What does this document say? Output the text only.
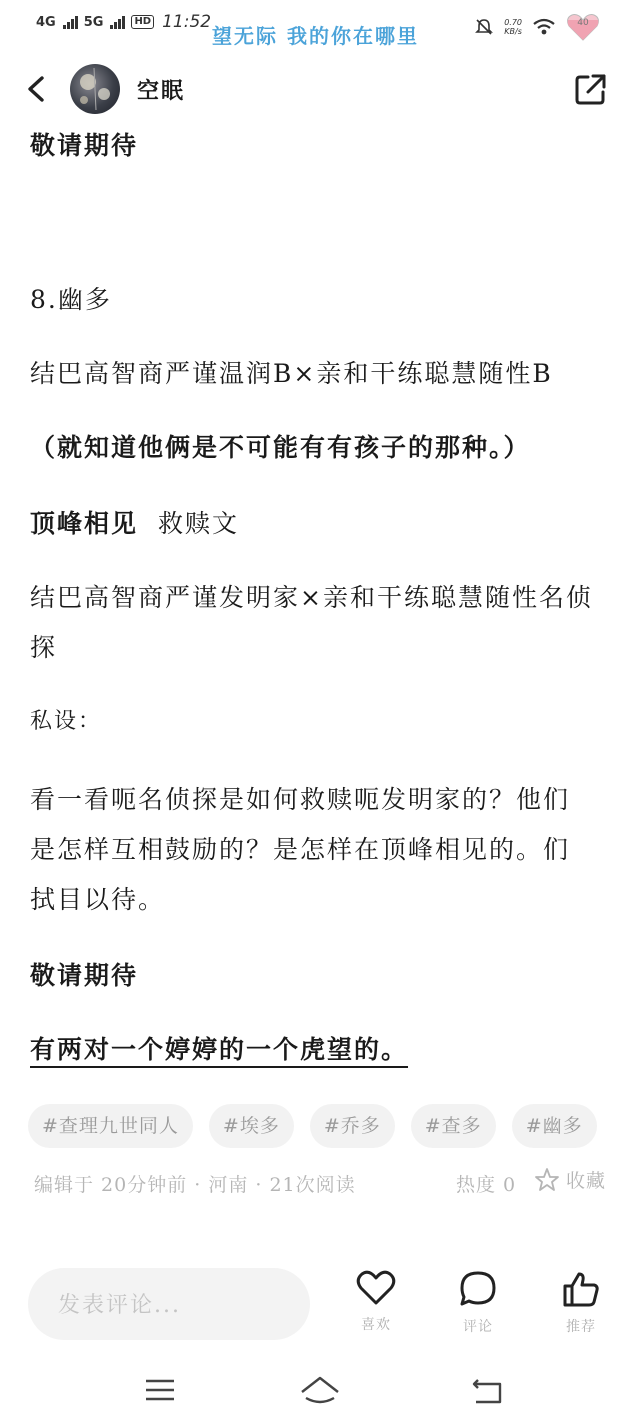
4G 5G	HD 11:52
望无际 我的你在哪里
0.70
KB/s
40
空眠

敬请期待

8.幽多

结巴高智商严谨温润B×亲和干练聪慧随性B

（就知道他俩是不可能有有孩子的那种。）

顶峰相见 救赎文

结巴高智商严谨发明家×亲和干练聪慧随性名侦

探

私设：

看一看呃名侦探是如何救赎呃发明家的？他们

是怎样互相鼓励的？是怎样在顶峰相见的。们

拭目以待。

敬请期待

有两对一个婷婷的一个虎望的。

#查理九世同人	#埃多	#乔多	#查多	#幽多
编辑于 20分钟前 · 河南 · 21次阅读	热度 0	收藏
发表评论...
喜欢	评论	推荐
